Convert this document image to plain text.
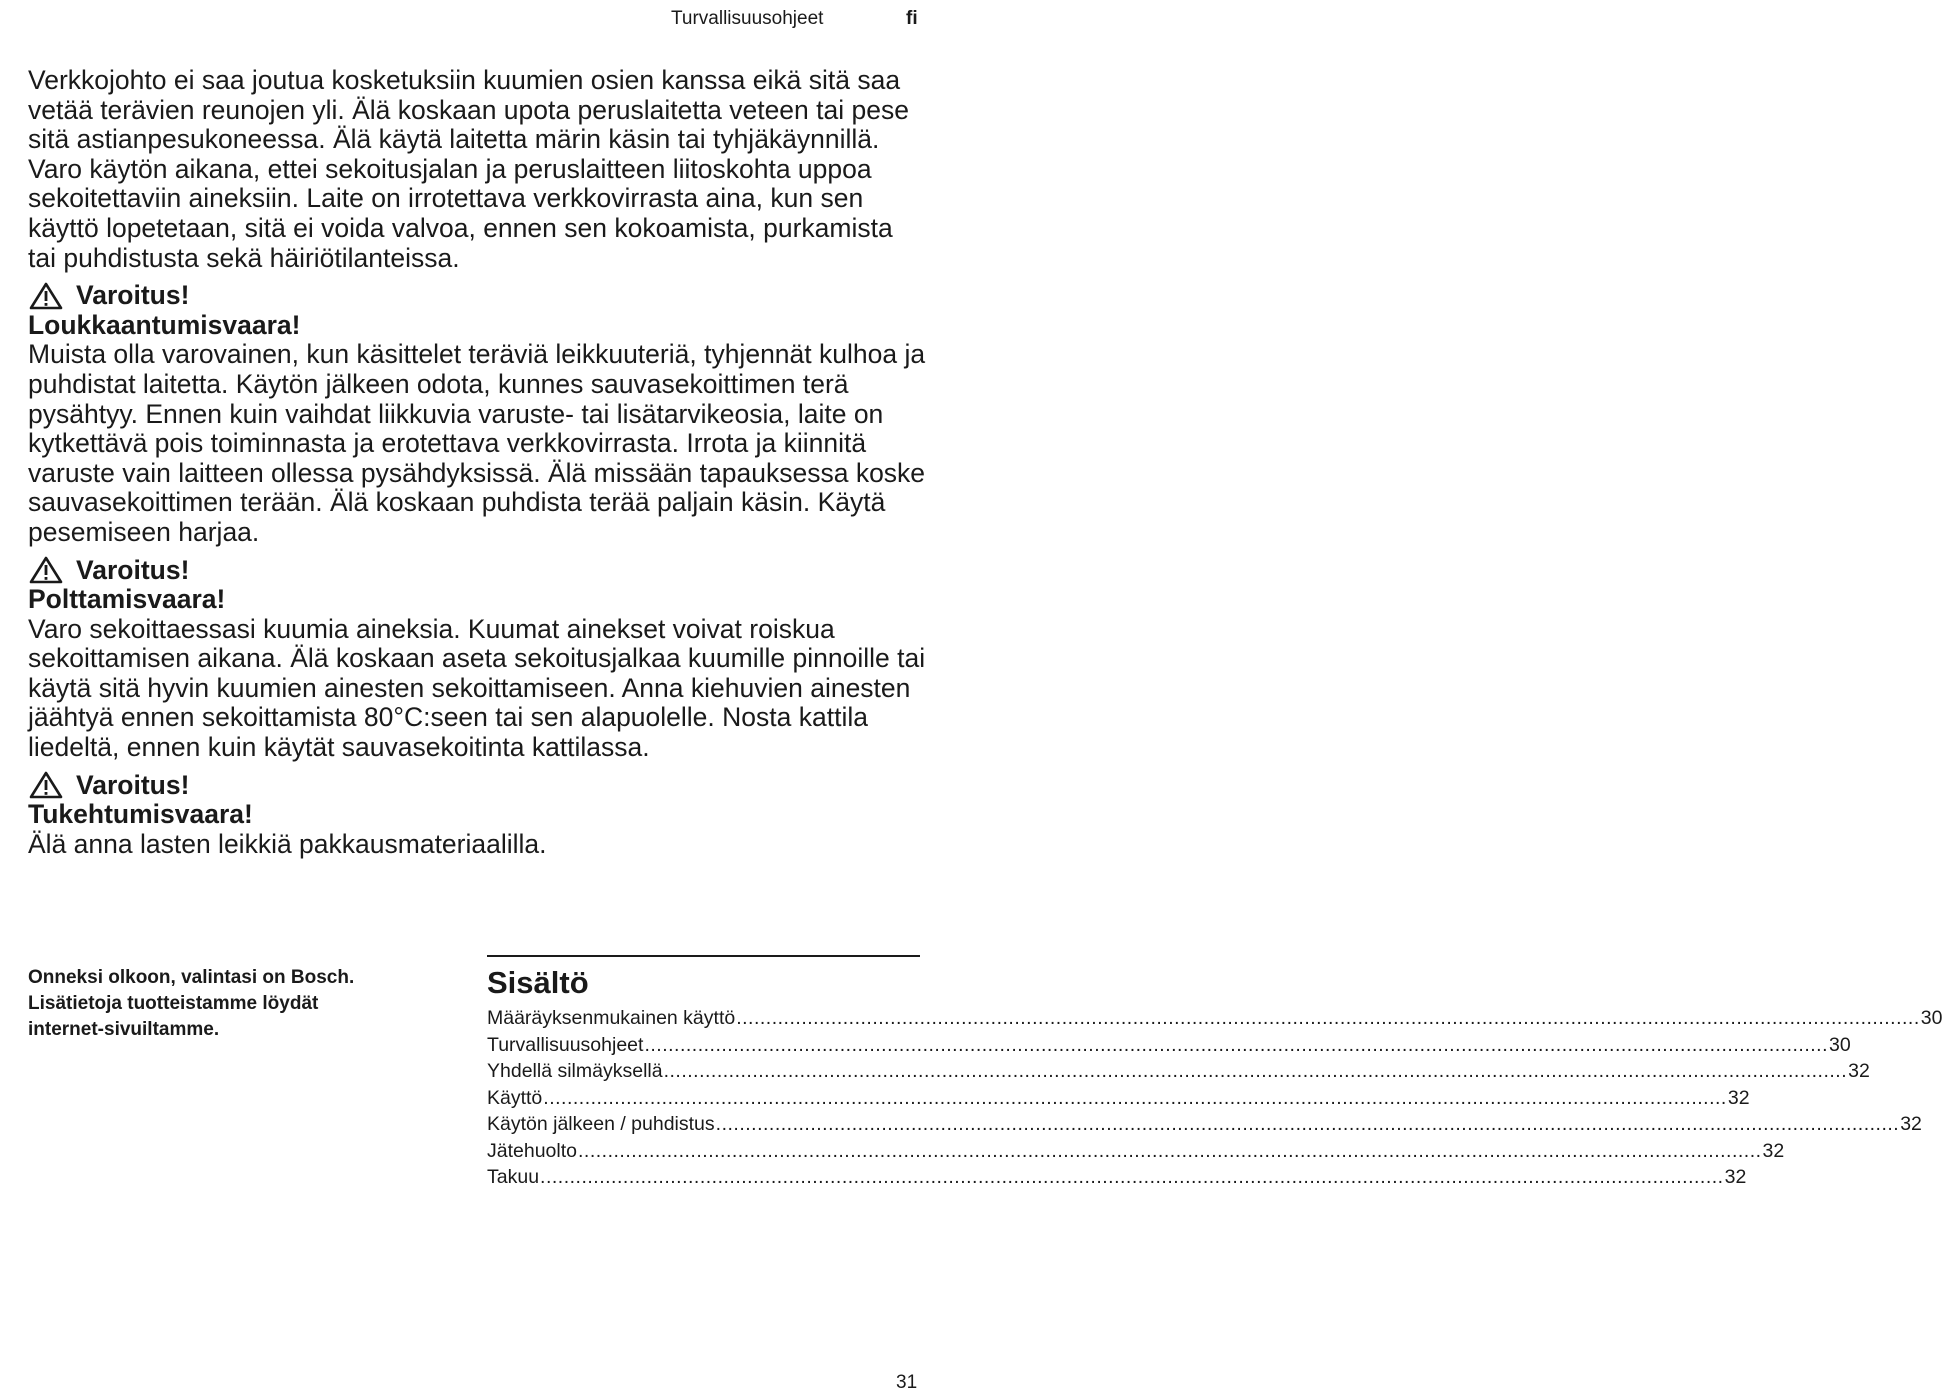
Turvallisuusohjeet	fi

Verkkojohto ei saa joutua kosketuksiin kuumien osien kanssa eikä sitä saa vetää terävien reunojen yli. Älä koskaan upota peruslaitetta veteen tai pese sitä astianpesukoneessa. Älä käytä laitetta märin käsin tai tyhjäkäynnillä. Varo käytön aikana, ettei sekoitusjalan ja peruslaitteen liitoskohta uppoa sekoitettaviin aineksiin. Laite on irrotettava verkkovirrasta aina, kun sen käyttö lopetetaan, sitä ei voida valvoa, ennen sen kokoamista, purkamista tai puhdistusta sekä häiriötilanteissa.

Varoitus!

Loukkaantumisvaara!

Muista olla varovainen, kun käsittelet teräviä leikkuuteriä, tyhjennät kulhoa ja puhdistat laitetta. Käytön jälkeen odota, kunnes sauvasekoittimen terä pysähtyy. Ennen kuin vaihdat liikkuvia varuste- tai lisätarvikeosia, laite on kytkettävä pois toiminnasta ja erotettava verkkovirrasta. Irrota ja kiinnitä varuste vain laitteen ollessa pysähdyksissä. Älä missään tapauksessa koske sauvasekoittimen terään. Älä koskaan puhdista terää paljain käsin. Käytä pesemiseen harjaa.

Varoitus!

Polttamisvaara!

Varo sekoittaessasi kuumia aineksia. Kuumat ainekset voivat roiskua sekoittamisen aikana. Älä koskaan aseta sekoitusjalkaa kuumille pinnoille tai käytä sitä hyvin kuumien ainesten sekoittamiseen. Anna kiehuvien ainesten jäähtyä ennen sekoittamista 80°C:seen tai sen alapuolelle. Nosta kattila liedeltä, ennen kuin käytät sauvasekoitinta kattilassa.

Varoitus!

Tukehtumisvaara!

Älä anna lasten leikkiä pakkausmateriaalilla.

Onneksi olkoon, valintasi on Bosch.

Lisätietoja tuotteistamme löydät

internet-sivuiltamme.

Sisältö
Määräyksenmukainen käyttö ........................................................................................................................................................................................................ 30
Turvallisuusohjeet ........................................................................................................................................................................................................ 30
Yhdellä silmäyksellä ........................................................................................................................................................................................................ 32
Käyttö ........................................................................................................................................................................................................ 32
Käytön jälkeen / puhdistus ........................................................................................................................................................................................................ 32
Jätehuolto ........................................................................................................................................................................................................ 32
Takuu ........................................................................................................................................................................................................ 32
31
